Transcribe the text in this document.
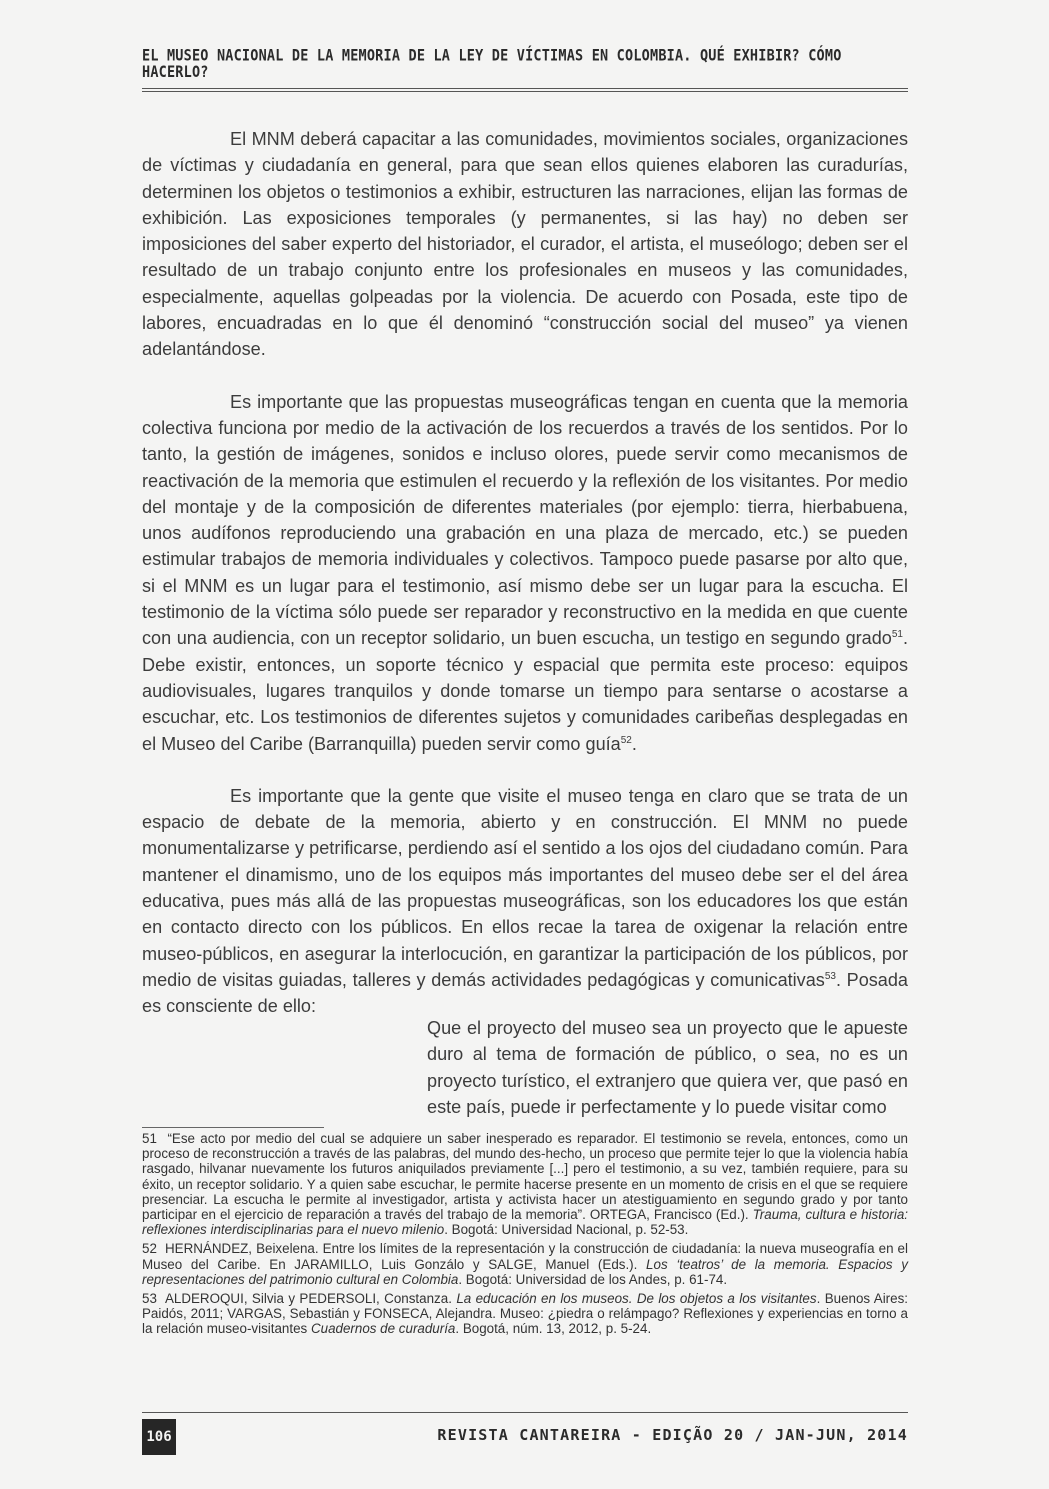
EL MUSEO NACIONAL DE LA MEMORIA DE LA LEY DE VÍCTIMAS EN COLOMBIA. QUÉ EXHIBIR? CÓMO HACERLO?

El MNM deberá capacitar a las comunidades, movimientos sociales, organizaciones de víctimas y ciudadanía en general, para que sean ellos quienes elaboren las curadurías, determinen los objetos o testimonios a exhibir, estructuren las narraciones, elijan las formas de exhibición. Las exposiciones temporales (y permanentes, si las hay) no deben ser imposiciones del saber experto del historiador, el curador, el artista, el museólogo; deben ser el resultado de un trabajo conjunto entre los profesionales en museos y las comunidades, especialmente, aquellas golpeadas por la violencia. De acuerdo con Posada, este tipo de labores, encuadradas en lo que él denominó “construcción social del museo” ya vienen adelantándose.

Es importante que las propuestas museográficas tengan en cuenta que la memoria colectiva funciona por medio de la activación de los recuerdos a través de los sentidos. Por lo tanto, la gestión de imágenes, sonidos e incluso olores, puede servir como mecanismos de reactivación de la memoria que estimulen el recuerdo y la reflexión de los visitantes. Por medio del montaje y de la composición de diferentes materiales (por ejemplo: tierra, hierbabuena, unos audífonos reproduciendo una grabación en una plaza de mercado, etc.) se pueden estimular trabajos de memoria individuales y colectivos. Tampoco puede pasarse por alto que, si el MNM es un lugar para el testimonio, así mismo debe ser un lugar para la escucha. El testimonio de la víctima sólo puede ser reparador y reconstructivo en la medida en que cuente con una audiencia, con un receptor solidario, un buen escucha, un testigo en segundo grado$^{51}$. Debe existir, entonces, un soporte técnico y espacial que permita este proceso: equipos audiovisuales, lugares tranquilos y donde tomarse un tiempo para sentarse o acostarse a escuchar, etc. Los testimonios de diferentes sujetos y comunidades caribeñas desplegadas en el Museo del Caribe (Barranquilla) pueden servir como guía$^{52}$.

Es importante que la gente que visite el museo tenga en claro que se trata de un espacio de debate de la memoria, abierto y en construcción. El MNM no puede monumentalizarse y petrificarse, perdiendo así el sentido a los ojos del ciudadano común. Para mantener el dinamismo, uno de los equipos más importantes del museo debe ser el del área educativa, pues más allá de las propuestas museográficas, son los educadores los que están en contacto directo con los públicos. En ellos recae la tarea de oxigenar la relación entre museo-públicos, en asegurar la interlocución, en garantizar la participación de los públicos, por medio de visitas guiadas, talleres y demás actividades pedagógicas y comunicativas$^{53}$. Posada es consciente de ello:

Que el proyecto del museo sea un proyecto que le apueste duro al tema de formación de público, o sea, no es un proyecto turístico, el extranjero que quiera ver, que pasó en este país, puede ir perfectamente y lo puede visitar como

51 “Ese acto por medio del cual se adquiere un saber inesperado es reparador. El testimonio se revela, entonces, como un proceso de reconstrucción a través de las palabras, del mundo des-hecho, un proceso que permite tejer lo que la violencia había rasgado, hilvanar nuevamente los futuros aniquilados previamente [...] pero el testimonio, a su vez, también requiere, para su éxito, un receptor solidario. Y a quien sabe escuchar, le permite hacerse presente en un momento de crisis en el que se requiere presenciar. La escucha le permite al investigador, artista y activista hacer un atestiguamiento en segundo grado y por tanto participar en el ejercicio de reparación a través del trabajo de la memoria”. ORTEGA, Francisco (Ed.). Trauma, cultura e historia: reflexiones interdisciplinarias para el nuevo milenio. Bogotá: Universidad Nacional, p. 52-53.

52 HERNÁNDEZ, Beixelena. Entre los límites de la representación y la construcción de ciudadanía: la nueva museografía en el Museo del Caribe. En JARAMILLO, Luis Gonzálo y SALGE, Manuel (Eds.). Los ‘teatros’ de la memoria. Espacios y representaciones del patrimonio cultural en Colombia. Bogotá: Universidad de los Andes, p. 61-74.

53 ALDEROQUI, Silvia y PEDERSOLI, Constanza. La educación en los museos. De los objetos a los visitantes. Buenos Aires: Paidós, 2011; VARGAS, Sebastián y FONSECA, Alejandra. Museo: ¿piedra o relámpago? Reflexiones y experiencias en torno a la relación museo-visitantes Cuadernos de curaduría. Bogotá, núm. 13, 2012, p. 5-24.

106	REVISTA CANTAREIRA - EDIÇÃO 20 / JAN-JUN, 2014
